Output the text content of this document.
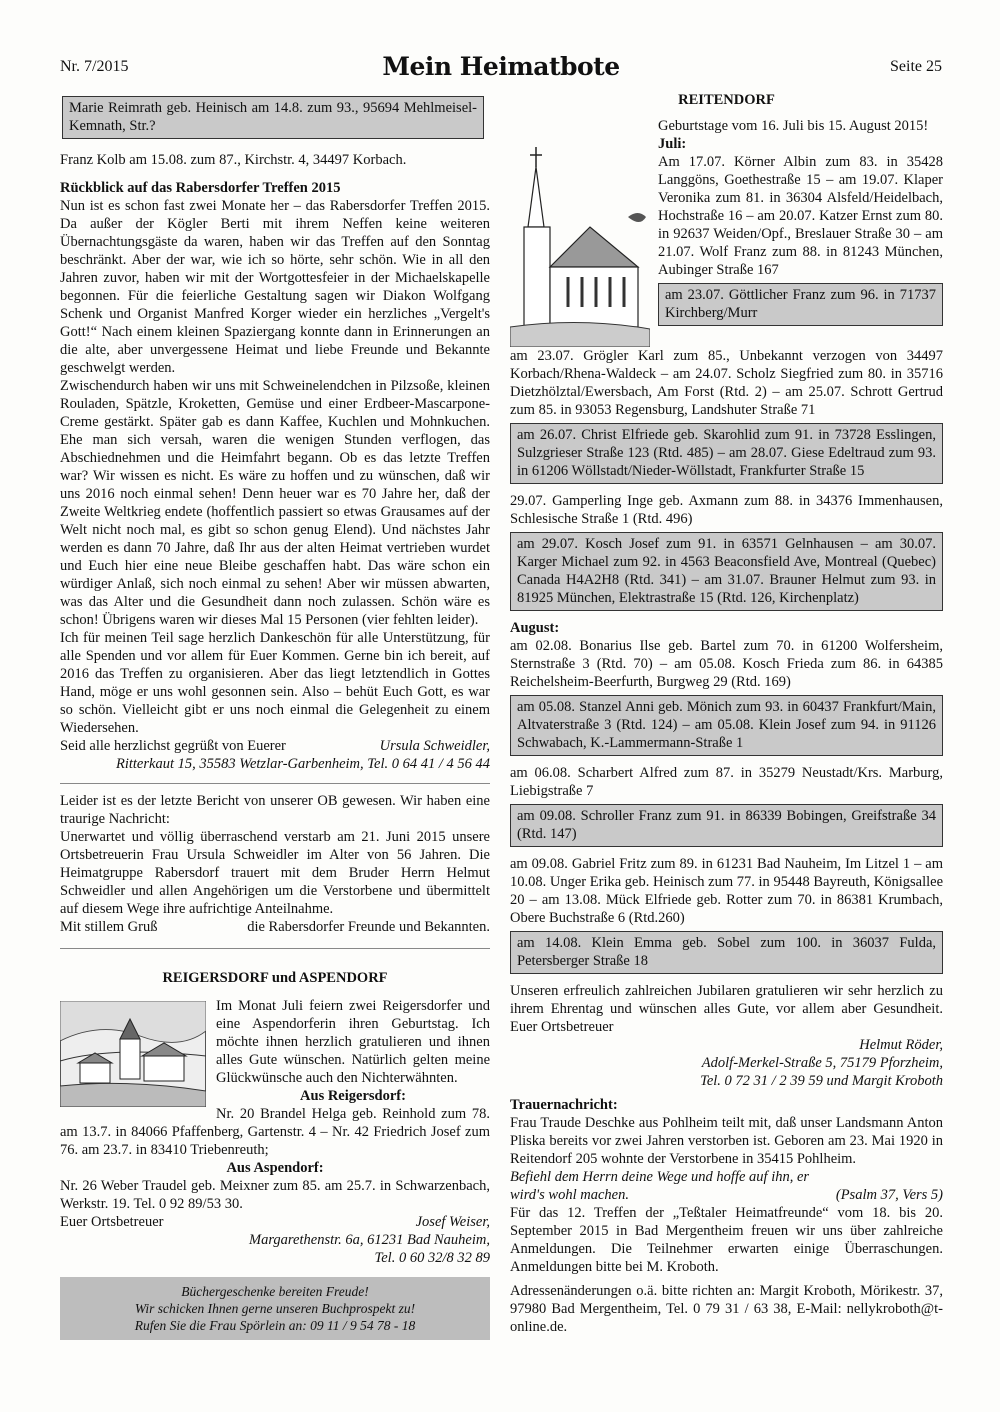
Nr. 7/2015	Mein Heimatbote	Seite 25
Marie Reimrath geb. Heinisch am 14.8. zum 93., 95694 Mehlmeisel-Kemnath, Str.?

Franz Kolb am 15.08. zum 87., Kirchstr. 4, 34497 Korbach.

Rückblick auf das Rabersdorfer Treffen 2015

Nun ist es schon fast zwei Monate her – das Rabersdorfer Treffen 2015. Da außer der Kögler Berti mit ihrem Neffen keine weiteren Übernachtungsgäste da waren, haben wir das Treffen auf den Sonntag beschränkt. Aber der war, wie ich so hörte, sehr schön. Wie in all den Jahren zuvor, haben wir mit der Wortgottesfeier in der Michaelskapelle begonnen. Für die feierliche Gestaltung sagen wir Diakon Wolfgang Schenk und Organist Manfred Korger wieder ein herzliches „Vergelt's Gott!“ Nach einem kleinen Spaziergang konnte dann in Erinnerungen an die alte, aber unvergessene Heimat und liebe Freunde und Bekannte geschwelgt werden.

Zwischendurch haben wir uns mit Schweinelendchen in Pilzsoße, kleinen Rouladen, Spätzle, Kroketten, Gemüse und einer Erdbeer-Mascarpone-Creme gestärkt. Später gab es dann Kaffee, Kuchlen und Mohnkuchen. Ehe man sich versah, waren die wenigen Stunden verflogen, das Abschiednehmen und die Heimfahrt begann. Ob es das letzte Treffen war? Wir wissen es nicht. Es wäre zu hoffen und zu wünschen, daß wir uns 2016 noch einmal sehen! Denn heuer war es 70 Jahre her, daß der Zweite Weltkrieg endete (hoffentlich passiert so etwas Grausames auf der Welt nicht noch mal, es gibt so schon genug Elend). Und nächstes Jahr werden es dann 70 Jahre, daß Ihr aus der alten Heimat vertrieben wurdet und Euch hier eine neue Bleibe geschaffen habt. Das wäre schon ein würdiger Anlaß, sich noch einmal zu sehen! Aber wir müssen abwarten, was das Alter und die Gesundheit dann noch zulassen. Schön wäre es schon! Übrigens waren wir dieses Mal 15 Personen (vier fehlten leider).

Ich für meinen Teil sage herzlich Dankeschön für alle Unterstützung, für alle Spenden und vor allem für Euer Kommen. Gerne bin ich bereit, auf 2016 das Treffen zu organisieren. Aber das liegt letztendlich in Gottes Hand, möge er uns wohl gesonnen sein. Also – behüt Euch Gott, es war so schön. Vielleicht gibt er uns noch einmal die Gelegenheit zu einem Wiedersehen.

Seid alle herzlichst gegrüßt von Euerer	Ursula Schweidler,

Ritterkaut 15, 35583 Wetzlar-Garbenheim, Tel. 0 64 41 / 4 56 44

Leider ist es der letzte Bericht von unserer OB gewesen. Wir haben eine traurige Nachricht:

Unerwartet und völlig überraschend verstarb am 21. Juni 2015 unsere Ortsbetreuerin Frau Ursula Schweidler im Alter von 56 Jahren. Die Heimatgruppe Rabersdorf trauert mit dem Bruder Herrn Helmut Schweidler und allen Angehörigen um die Verstorbene und übermittelt auf diesem Wege ihre aufrichtige Anteilnahme.

Mit stillem Gruß	die Rabersdorfer Freunde und Bekannten.
REIGERSDORF und ASPENDORF

Im Monat Juli feiern zwei Reigersdorfer und eine Aspendorferin ihren Geburtstag. Ich möchte ihnen herzlich gratulieren und ihnen alles Gute wünschen. Natürlich gelten meine Glückwünsche auch den Nichterwähnten.

Aus Reigersdorf:

Nr. 20 Brandel Helga geb. Reinhold zum 78. am 13.7. in 84066 Pfaffenberg, Gartenstr. 4 – Nr. 42 Friedrich Josef zum 76. am 23.7. in 83410 Triebenreuth;

Aus Aspendorf:

Nr. 26 Weber Traudel geb. Meixner zum 85. am 25.7. in Schwarzenbach, Werkstr. 19. Tel. 0 92 89/53 30.

Euer Ortsbetreuer	Josef Weiser,

Margarethenstr. 6a, 61231 Bad Nauheim,

Tel. 0 60 32/8 32 89

Büchergeschenke bereiten Freude!
Wir schicken Ihnen gerne unseren Buchprospekt zu!
Rufen Sie die Frau Spörlein an: 09 11 / 9 54 78 - 18
REITENDORF

Geburtstage vom 16. Juli bis 15. August 2015!

Juli:

Am 17.07. Körner Albin zum 83. in 35428 Langgöns, Goethestraße 15 – am 19.07. Klaper Veronika zum 81. in 36304 Alsfeld/Heidelbach, Hochstraße 16 – am 20.07. Katzer Ernst zum 80. in 92637 Weiden/Opf., Breslauer Straße 30 – am 21.07. Wolf Franz zum 88. in 81243 München, Aubinger Straße 167

am 23.07. Göttlicher Franz zum 96. in 71737 Kirchberg/Murr

am 23.07. Grögler Karl zum 85., Unbekannt verzogen von 34497 Korbach/Rhena-Waldeck – am 24.07. Scholz Siegfried zum 80. in 35716 Dietzhölztal/Ewersbach, Am Forst (Rtd. 2) – am 25.07. Schrott Gertrud zum 85. in 93053 Regensburg, Landshuter Straße 71

am 26.07. Christ Elfriede geb. Skarohlid zum 91. in 73728 Esslingen, Sulzgrieser Straße 123 (Rtd. 485) – am 28.07. Giese Edeltraud zum 93. in 61206 Wöllstadt/Nieder-Wöllstadt, Frankfurter Straße 15

29.07. Gamperling Inge geb. Axmann zum 88. in 34376 Immenhausen, Schlesische Straße 1 (Rtd. 496)

am 29.07. Kosch Josef zum 91. in 63571 Gelnhausen – am 30.07. Karger Michael zum 92. in 4563 Beaconsfield Ave, Montreal (Quebec) Canada H4A2H8 (Rtd. 341) – am 31.07. Brauner Helmut zum 93. in 81925 München, Elektrastraße 15 (Rtd. 126, Kirchenplatz)
August:

am 02.08. Bonarius Ilse geb. Bartel zum 70. in 61200 Wolfersheim, Sternstraße 3 (Rtd. 70) – am 05.08. Kosch Frieda zum 86. in 64385 Reichelsheim-Beerfurth, Burgweg 29 (Rtd. 169)

am 05.08. Stanzel Anni geb. Mönich zum 93. in 60437 Frankfurt/Main, Altvaterstraße 3 (Rtd. 124) – am 05.08. Klein Josef zum 94. in 91126 Schwabach, K.-Lammermann-Straße 1

am 06.08. Scharbert Alfred zum 87. in 35279 Neustadt/Krs. Marburg, Liebigstraße 7

am 09.08. Schroller Franz zum 91. in 86339 Bobingen, Greifstraße 34 (Rtd. 147)

am 09.08. Gabriel Fritz zum 89. in 61231 Bad Nauheim, Im Litzel 1 – am 10.08. Unger Erika geb. Heinisch zum 77. in 95448 Bayreuth, Königsallee 20 – am 13.08. Mück Elfriede geb. Rotter zum 70. in 86381 Krumbach, Obere Buchstraße 6 (Rtd.260)

am 14.08. Klein Emma geb. Sobel zum 100. in 36037 Fulda, Petersberger Straße 18

Unseren erfreulich zahlreichen Jubilaren gratulieren wir sehr herzlich zu ihrem Ehrentag und wünschen alles Gute, vor allem aber Gesundheit. Euer Ortsbetreuer

Helmut Röder,

Adolf-Merkel-Straße 5, 75179 Pforzheim,

Tel. 0 72 31 / 2 39 59 und Margit Kroboth

Trauernachricht:

Frau Traude Deschke aus Pohlheim teilt mit, daß unser Landsmann Anton Pliska bereits vor zwei Jahren verstorben ist. Geboren am 23. Mai 1920 in Reitendorf 205 wohnte der Verstorbene in 35415 Pohlheim.

Befiehl dem Herrn deine Wege und hoffe auf ihn, er wird's wohl machen.	(Psalm 37, Vers 5)

Für das 12. Treffen der „Teßtaler Heimatfreunde“ vom 18. bis 20. September 2015 in Bad Mergentheim freuen wir uns über zahlreiche Anmeldungen. Die Teilnehmer erwarten einige Überraschungen. Anmeldungen bitte bei M. Kroboth.

Adressenänderungen o.ä. bitte richten an: Margit Kroboth, Mörikestr. 37, 97980 Bad Mergentheim, Tel. 0 79 31 / 63 38, E-Mail: nellykroboth@t-online.de.
